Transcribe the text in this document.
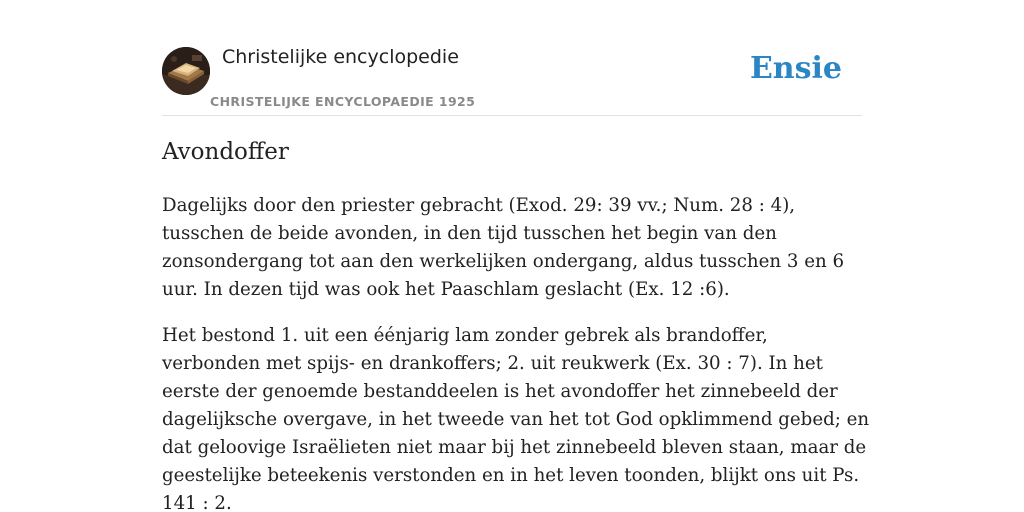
Christelijke encyclopedie
CHRISTELIJKE ENCYCLOPAEDIE 1925
Ensie
Avondoffer

Dagelijks door den priester gebracht (Exod. 29: 39 vv.; Num. 28 : 4), tusschen de beide avonden, in den tijd tusschen het begin van den zonsondergang tot aan den werkelijken ondergang, aldus tusschen 3 en 6 uur. In dezen tijd was ook het Paaschlam geslacht (Ex. 12 :6).

Het bestond 1. uit een éénjarig lam zonder gebrek als brandoffer, verbonden met spijs- en drankoffers; 2. uit reukwerk (Ex. 30 : 7). In het eerste der genoemde bestanddeelen is het avondoffer het zinnebeeld der dagelijksche overgave, in het tweede van het tot God opklimmend gebed; en dat geloovige Israëlieten niet maar bij het zinnebeeld bleven staan, maar de geestelijke beteekenis verstonden en in het leven toonden, blijkt ons uit Ps. 141 : 2.
